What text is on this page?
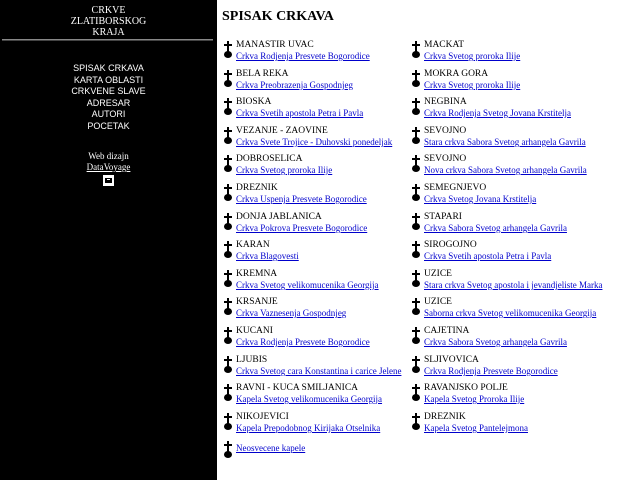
CRKVE
ZLATIBORSKOG
KRAJA
SPISAK CRKAVA
KARTA OBLASTI
CRKVENE SLAVE
ADRESAR
AUTORI
POCETAK
Web dizajn
DataVoyage
SPISAK CRKAVA
MANASTIR UVAC
Crkva Rodjenja Presvete Bogorodice
BELA REKA
Crkva Preobrazenja Gospodnjeg
BIOSKA
Crkva Svetih apostola Petra i Pavla
VEZANJE - ZAOVINE
Crkva Svete Trojice - Duhovski ponedeljak
DOBROSELICA
Crkva Svetog proroka Ilije
DREZNIK
Crkva Uspenja Presvete Bogorodice
DONJA JABLANICA
Crkva Pokrova Presvete Bogorodice
KARAN
Crkva Blagovesti
KREMNA
Crkva Svetog velikomucenika Georgija
KRSANJE
Crkva Vaznesenja Gospodnjeg
KUCANI
Crkva Rodjenja Presvete Bogorodice
LJUBIS
Crkva Svetog cara Konstantina i carice Jelene
RAVNI - KUCA SMILJANICA
Kapela Svetog velikomucenika Georgija
NIKOJEVICI
Kapela Prepodobnog Kirijaka Otselnika
Neosvecene kapele
MACKAT
Crkva Svetog proroka Ilije
MOKRA GORA
Crkva Svetog proroka Ilije
NEGBINA
Crkva Rodjenja Svetog Jovana Krstitelja
SEVOJNO
Stara crkva Sabora Svetog arhangela Gavrila
SEVOJNO
Nova crkva Sabora Svetog arhangela Gavrila
SEMEGNJEVO
Crkva Svetog Jovana Krstitelja
STAPARI
Crkva Sabora Svetog arhangela Gavrila
SIROGOJNO
Crkva Svetih apostola Petra i Pavla
UZICE
Stara crkva Svetog apostola i jevandjeliste Marka
UZICE
Saborna crkva Svetog velikomucenika Georgija
CAJETINA
Crkva Sabora Svetog arhangela Gavrila
SLJIVOVICA
Crkva Rodjenja Presvete Bogorodice
RAVANJSKO POLJE
Kapela Svetog Proroka Ilije
DREZNIK
Kapela Svetog Pantelejmona
